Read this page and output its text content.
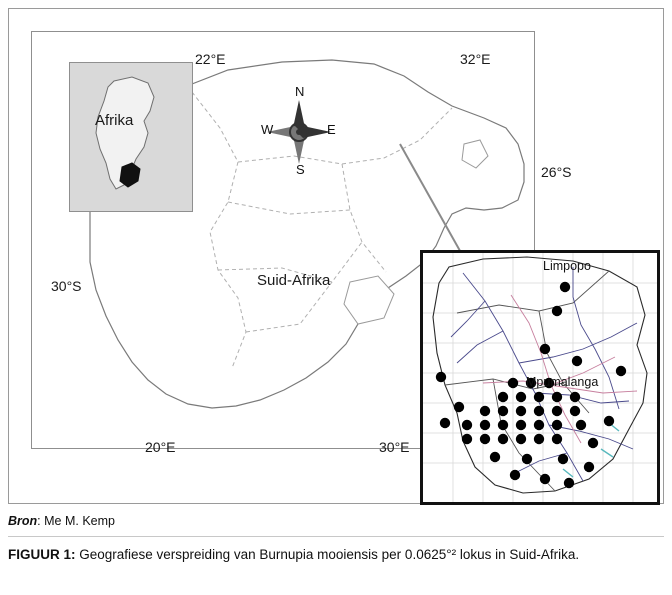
Afrika
N
S
E
W
Suid-Afrika
22°E	32°E
26°S
30°S
20°E	30°E
Limpopo
Mpumalanga
Bron: Me M. Kemp
FIGUUR 1: Geografiese verspreiding van Burnupia mooiensis per 0.0625°² lokus in Suid-Afrika.
